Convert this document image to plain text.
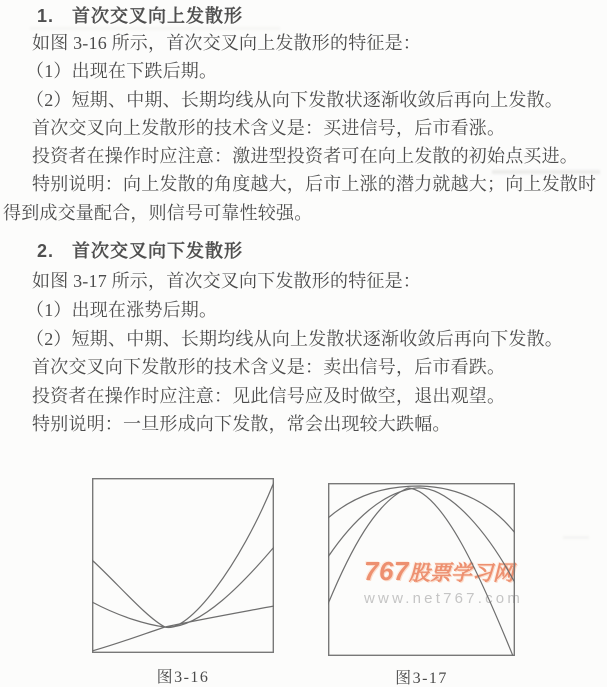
1. 首次交叉向上发散形
如图 3-16 所示，首次交叉向上发散形的特征是：
（1）出现在下跌后期。
（2）短期、中期、长期均线从向下发散状逐渐收敛后再向上发散。
首次交叉向上发散形的技术含义是：买进信号，后市看涨。
投资者在操作时应注意：激进型投资者可在向上发散的初始点买进。
特别说明：向上发散的角度越大，后市上涨的潜力就越大；向上发散时
得到成交量配合，则信号可靠性较强。
2. 首次交叉向下发散形
如图 3-17 所示，首次交叉向下发散形的特征是：
（1）出现在涨势后期。
（2）短期、中期、长期均线从向上发散状逐渐收敛后再向下发散。
首次交叉向下发散形的技术含义是：卖出信号，后市看跌。
投资者在操作时应注意：见此信号应及时做空，退出观望。
特别说明：一旦形成向下发散，常会出现较大跌幅。
767股票学习网
www.net767.com
图3-16	图3-17
